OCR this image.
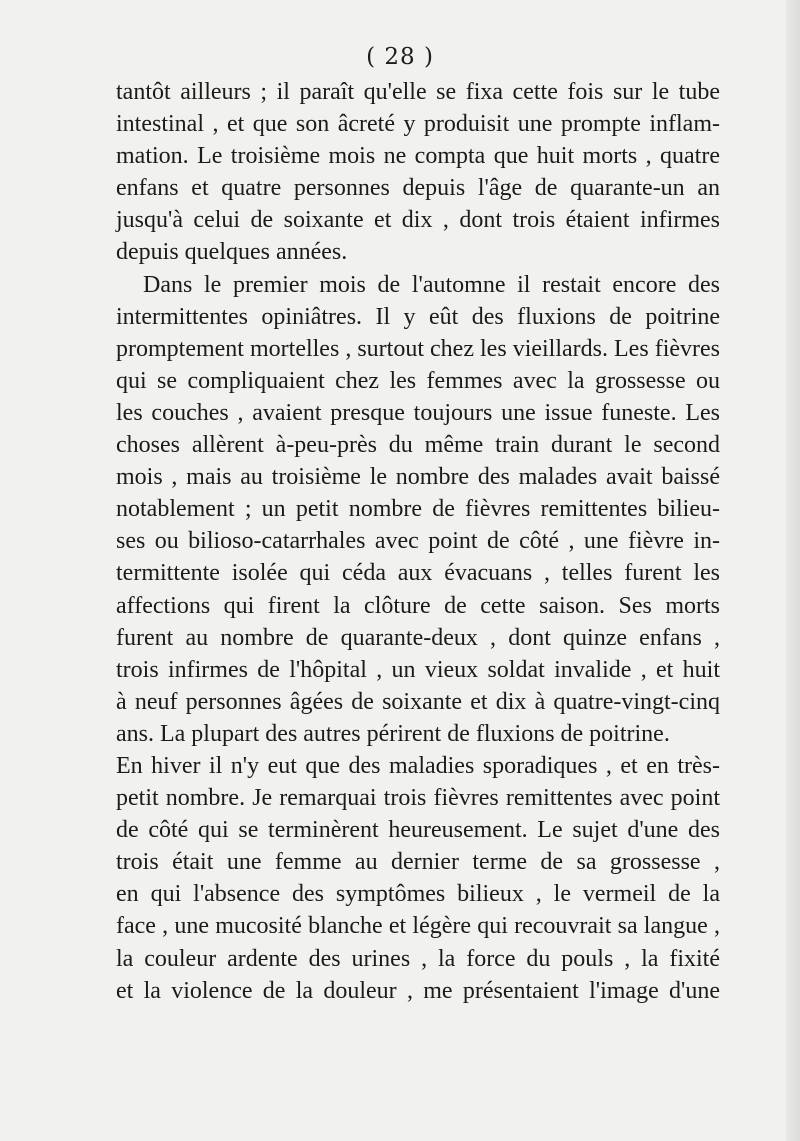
( 28 )
tantôt ailleurs ; il paraît qu'elle se fixa cette fois sur le tube
intestinal , et que son âcreté y produisit une prompte inflam-
mation. Le troisième mois ne compta que huit morts , quatre
enfans et quatre personnes depuis l'âge de quarante-un an
jusqu'à celui de soixante et dix , dont trois étaient infirmes
depuis quelques années.
Dans le premier mois de l'automne il restait encore des
intermittentes opiniâtres. Il y eût des fluxions de poitrine
promptement mortelles , surtout chez les vieillards. Les fièvres
qui se compliquaient chez les femmes avec la grossesse ou
les couches , avaient presque toujours une issue funeste. Les
choses allèrent à-peu-près du même train durant le second
mois , mais au troisième le nombre des malades avait baissé
notablement ; un petit nombre de fièvres remittentes bilieu-
ses ou bilioso-catarrhales avec point de côté , une fièvre in-
termittente isolée qui céda aux évacuans , telles furent les
affections qui firent la clôture de cette saison. Ses morts
furent au nombre de quarante-deux , dont quinze enfans ,
trois infirmes de l'hôpital , un vieux soldat invalide , et huit
à neuf personnes âgées de soixante et dix à quatre-vingt-cinq
ans. La plupart des autres périrent de fluxions de poitrine.
En hiver il n'y eut que des maladies sporadiques , et en très-
petit nombre. Je remarquai trois fièvres remittentes avec point
de côté qui se terminèrent heureusement. Le sujet d'une des
trois était une femme au dernier terme de sa grossesse ,
en qui l'absence des symptômes bilieux , le vermeil de la
face , une mucosité blanche et légère qui recouvrait sa langue ,
la couleur ardente des urines , la force du pouls , la fixité
et la violence de la douleur , me présentaient l'image d'une
